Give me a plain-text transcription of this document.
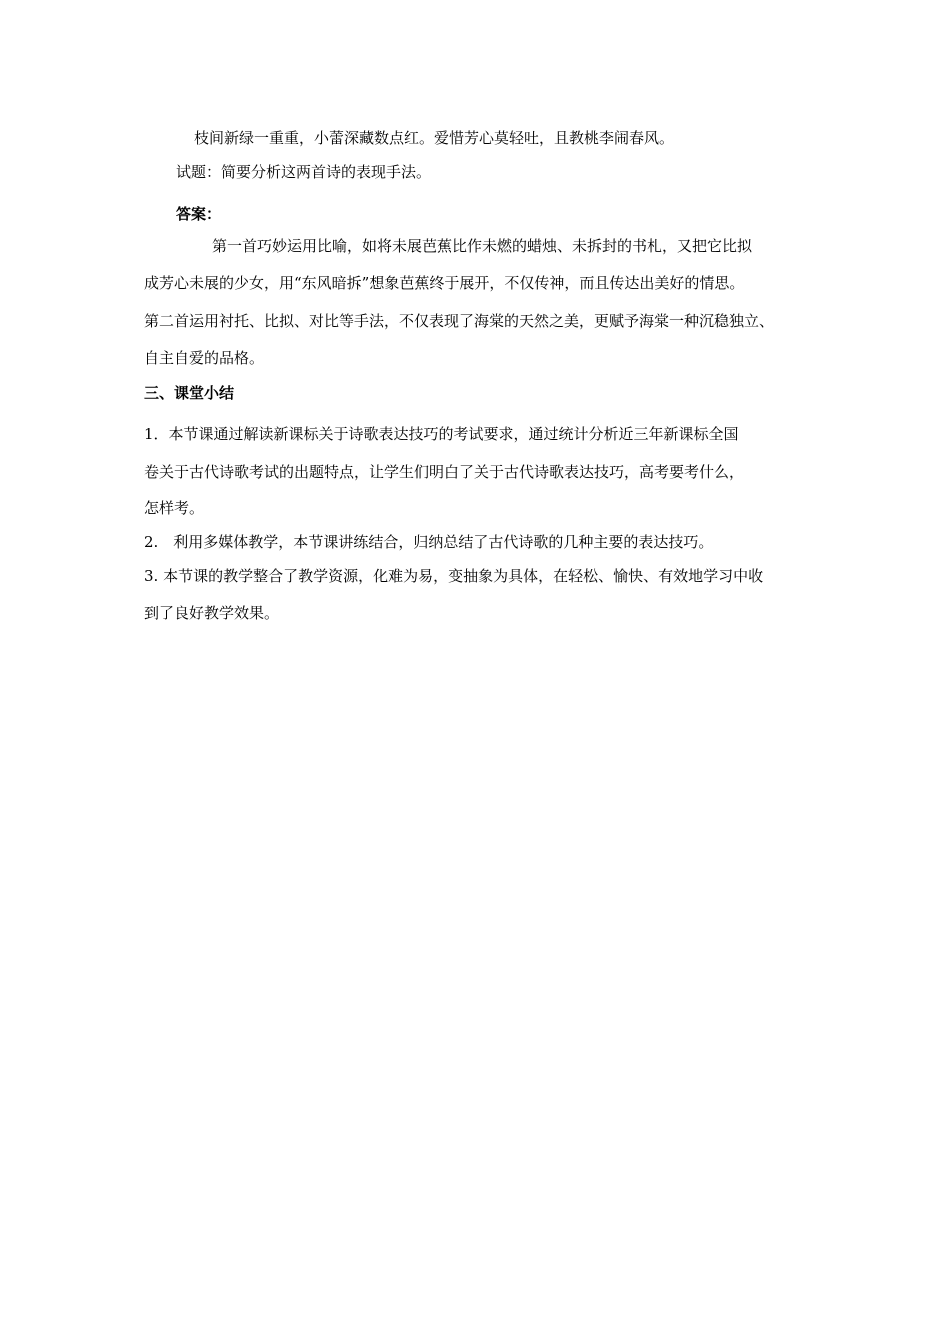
枝间新绿一重重，小蕾深藏数点红。爱惜芳心莫轻吐，且教桃李闹春风。
试题：简要分析这两首诗的表现手法。
答案：
第一首巧妙运用比喻，如将未展芭蕉比作未燃的蜡烛、未拆封的书札，又把它比拟
成芳心未展的少女，用“东风暗拆”想象芭蕉终于展开，不仅传神，而且传达出美好的情思。
第二首运用衬托、比拟、对比等手法，不仅表现了海棠的天然之美，更赋予海棠一种沉稳独立、
自主自爱的品格。
三、课堂小结
1．本节课通过解读新课标关于诗歌表达技巧的考试要求，通过统计分析近三年新课标全国
卷关于古代诗歌考试的出题特点，让学生们明白了关于古代诗歌表达技巧，高考要考什么，
怎样考。
2.　利用多媒体教学，本节课讲练结合，归纳总结了古代诗歌的几种主要的表达技巧。
3. 本节课的教学整合了教学资源，化难为易，变抽象为具体，在轻松、愉快、有效地学习中收
到了良好教学效果。
